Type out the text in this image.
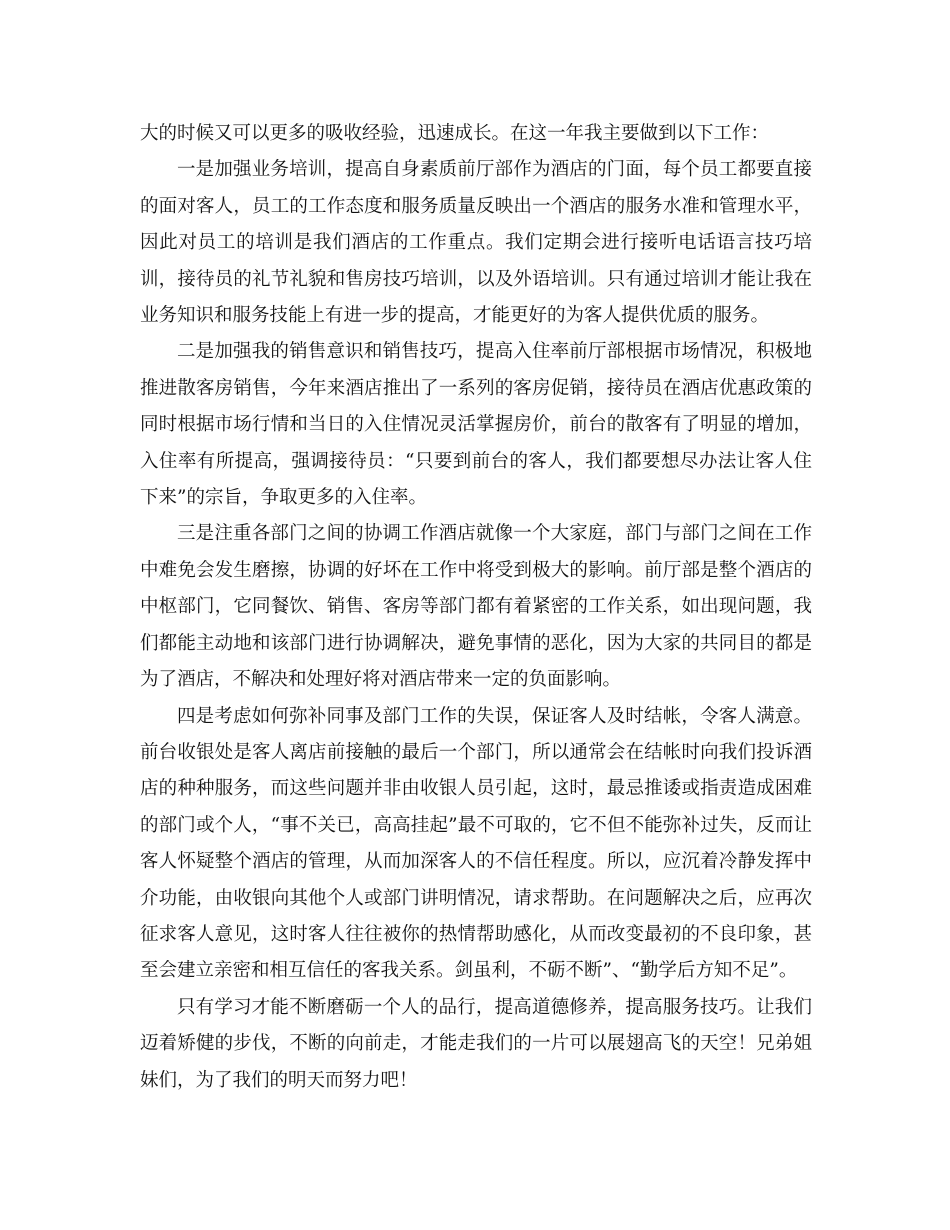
大的时候又可以更多的吸收经验，迅速成长。在这一年我主要做到以下工作：

一是加强业务培训，提高自身素质前厅部作为酒店的门面，每个员工都要直接的面对客人，员工的工作态度和服务质量反映出一个酒店的服务水准和管理水平，因此对员工的培训是我们酒店的工作重点。我们定期会进行接听电话语言技巧培训，接待员的礼节礼貌和售房技巧培训，以及外语培训。只有通过培训才能让我在业务知识和服务技能上有进一步的提高，才能更好的为客人提供优质的服务。

二是加强我的销售意识和销售技巧，提高入住率前厅部根据市场情况，积极地推进散客房销售，今年来酒店推出了一系列的客房促销，接待员在酒店优惠政策的同时根据市场行情和当日的入住情况灵活掌握房价，前台的散客有了明显的增加，入住率有所提高，强调接待员：“只要到前台的客人，我们都要想尽办法让客人住下来”的宗旨，争取更多的入住率。

三是注重各部门之间的协调工作酒店就像一个大家庭，部门与部门之间在工作中难免会发生磨擦，协调的好坏在工作中将受到极大的影响。前厅部是整个酒店的中枢部门，它同餐饮、销售、客房等部门都有着紧密的工作关系，如出现问题，我们都能主动地和该部门进行协调解决，避免事情的恶化，因为大家的共同目的都是为了酒店，不解决和处理好将对酒店带来一定的负面影响。

四是考虑如何弥补同事及部门工作的失误，保证客人及时结帐，令客人满意。前台收银处是客人离店前接触的最后一个部门，所以通常会在结帐时向我们投诉酒店的种种服务，而这些问题并非由收银人员引起，这时，最忌推诿或指责造成困难的部门或个人，“事不关已，高高挂起”最不可取的，它不但不能弥补过失，反而让客人怀疑整个酒店的管理，从而加深客人的不信任程度。所以，应沉着冷静发挥中介功能，由收银向其他个人或部门讲明情况，请求帮助。在问题解决之后，应再次征求客人意见，这时客人往往被你的热情帮助感化，从而改变最初的不良印象，甚至会建立亲密和相互信任的客我关系。剑虽利，不砺不断”、“勤学后方知不足”。

只有学习才能不断磨砺一个人的品行，提高道德修养，提高服务技巧。让我们迈着矫健的步伐，不断的向前走，才能走我们的一片可以展翅高飞的天空！兄弟姐妹们，为了我们的明天而努力吧！
